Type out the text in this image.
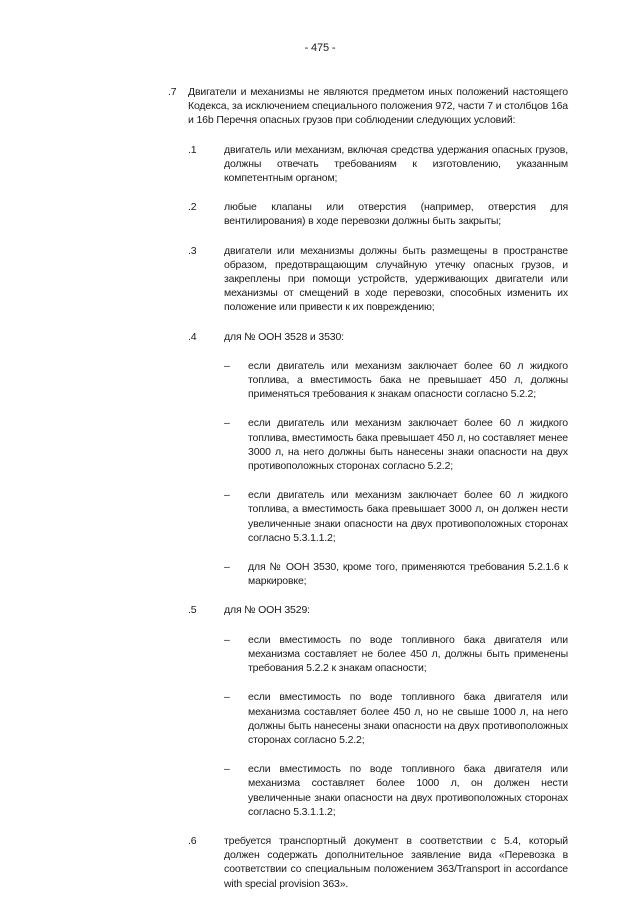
- 475 -
.7 Двигатели и механизмы не являются предметом иных положений настоящего Кодекса, за исключением специального положения 972, части 7 и столбцов 16а и 16b Перечня опасных грузов при соблюдении следующих условий:
.1	двигатель или механизм, включая средства удержания опасных грузов, должны отвечать требованиям к изготовлению, указанным компетентным органом;
.2	любые клапаны или отверстия (например, отверстия для вентилирования) в ходе перевозки должны быть закрыты;
.3	двигатели или механизмы должны быть размещены в пространстве образом, предотвращающим случайную утечку опасных грузов, и закреплены при помощи устройств, удерживающих двигатели или механизмы от смещений в ходе перевозки, способных изменить их положение или привести к их повреждению;
.4	для № ООН 3528 и 3530:
– если двигатель или механизм заключает более 60 л жидкого топлива, а вместимость бака не превышает 450 л, должны применяться требования к знакам опасности согласно 5.2.2;
– если двигатель или механизм заключает более 60 л жидкого топлива, вместимость бака превышает 450 л, но составляет менее 3000 л, на него должны быть нанесены знаки опасности на двух противоположных сторонах согласно 5.2.2;
– если двигатель или механизм заключает более 60 л жидкого топлива, а вместимость бака превышает 3000 л, он должен нести увеличенные знаки опасности на двух противоположных сторонах согласно 5.3.1.1.2;
– для № ООН 3530, кроме того, применяются требования 5.2.1.6 к маркировке;
.5	для № ООН 3529:
– если вместимость по воде топливного бака двигателя или механизма составляет не более 450 л, должны быть применены требования 5.2.2 к знакам опасности;
– если вместимость по воде топливного бака двигателя или механизма составляет более 450 л, но не свыше 1000 л, на него должны быть нанесены знаки опасности на двух противоположных сторонах согласно 5.2.2;
– если вместимость по воде топливного бака двигателя или механизма составляет более 1000 л, он должен нести увеличенные знаки опасности на двух противоположных сторонах согласно 5.3.1.1.2;
.6	требуется транспортный документ в соответствии с 5.4, который должен содержать дополнительное заявление вида «Перевозка в соответствии со специальным положением 363/Transport in accordance with special provision 363».
